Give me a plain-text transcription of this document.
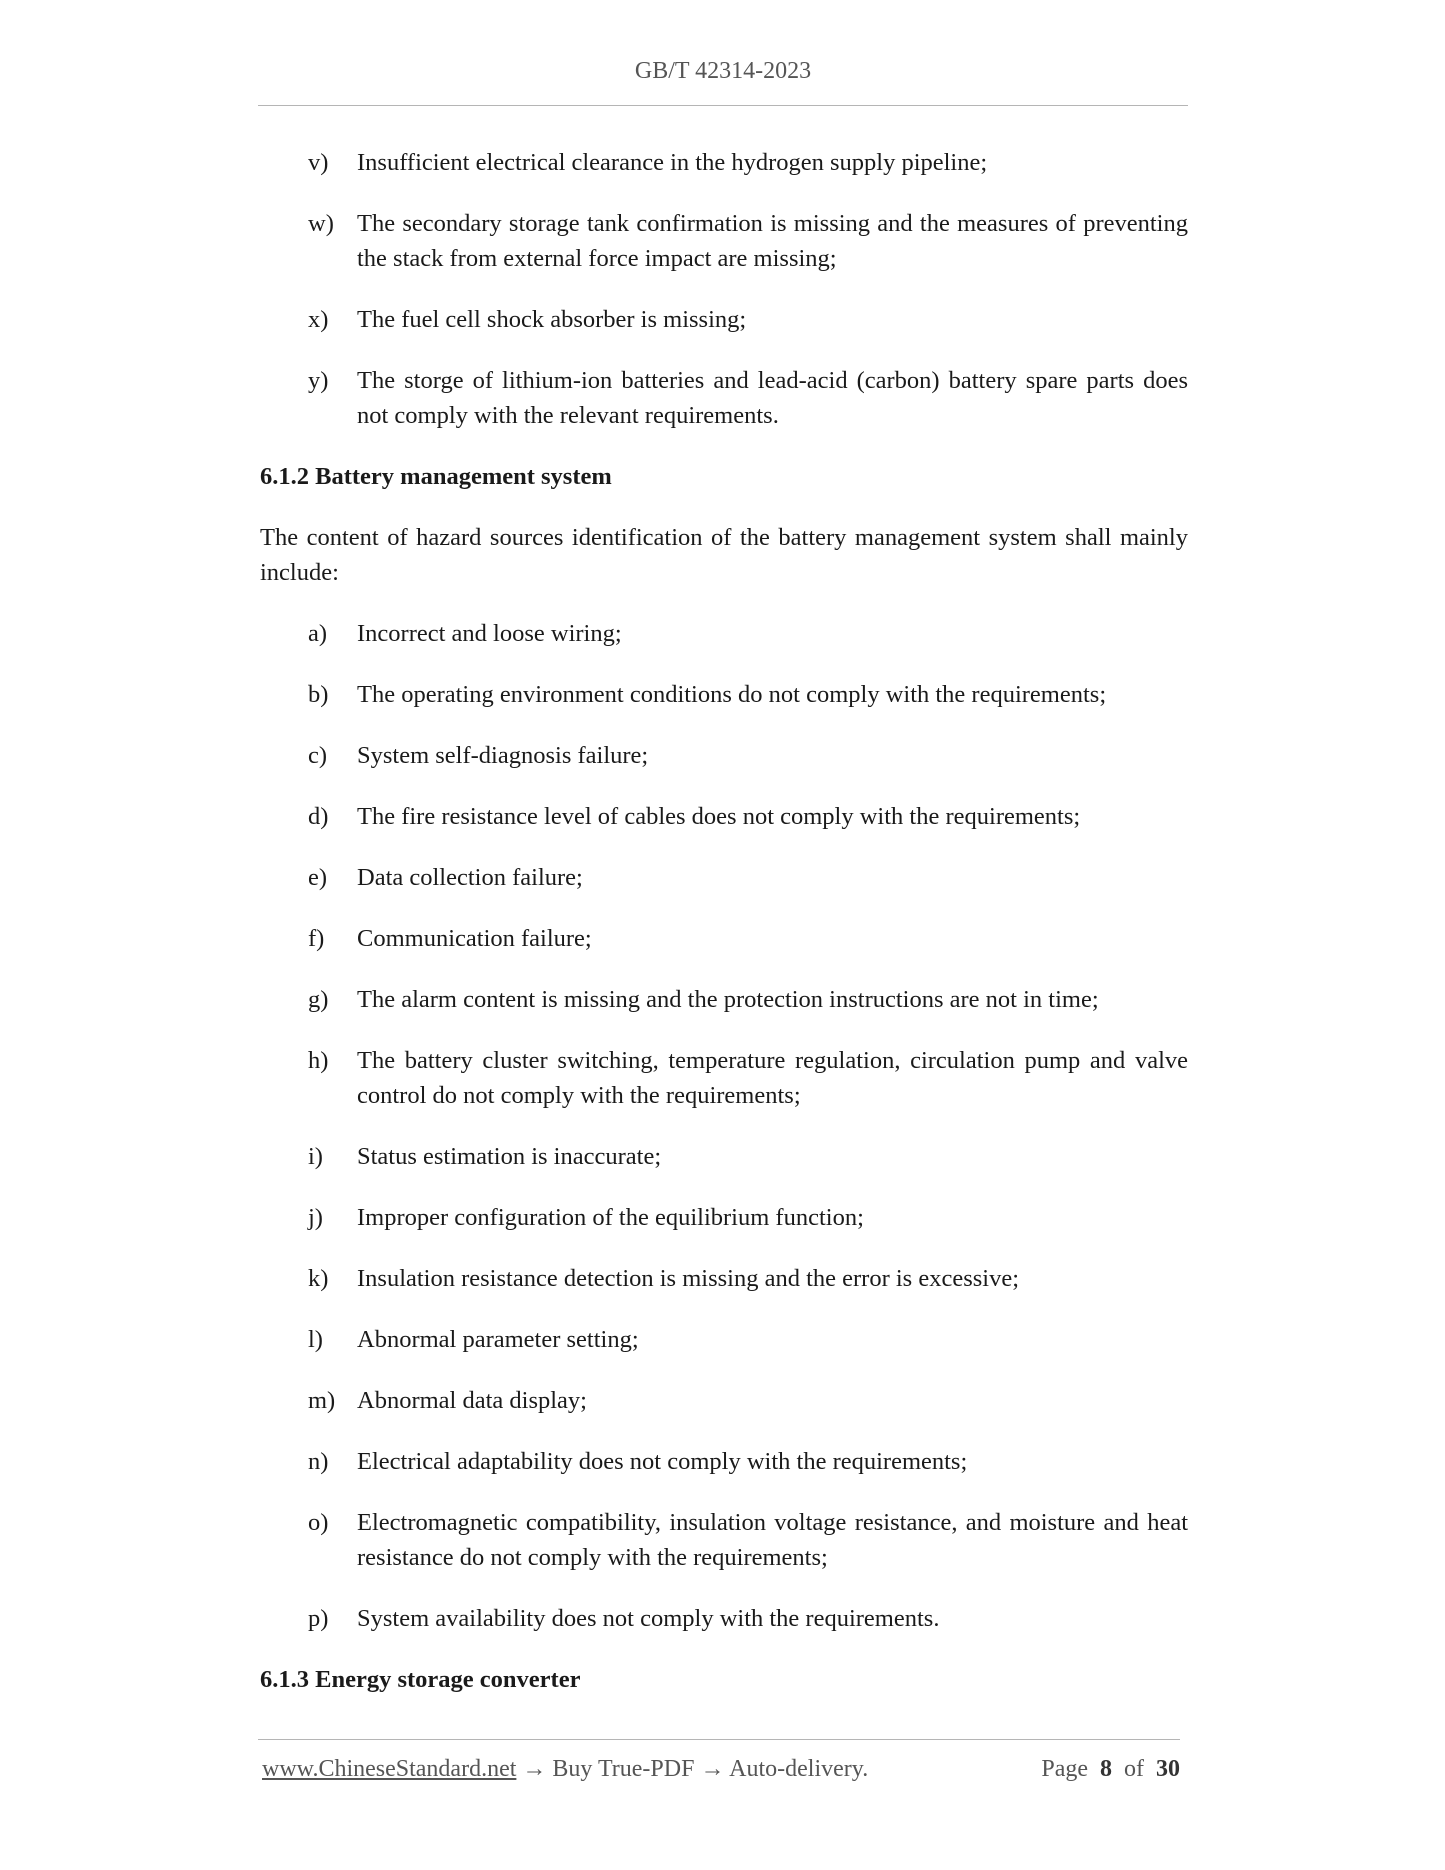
GB/T 42314-2023
v)	Insufficient electrical clearance in the hydrogen supply pipeline;
w) The secondary storage tank confirmation is missing and the measures of preventing the stack from external force impact are missing;
x)	The fuel cell shock absorber is missing;
y)	The storge of lithium-ion batteries and lead-acid (carbon) battery spare parts does not comply with the relevant requirements.
6.1.2 Battery management system
The content of hazard sources identification of the battery management system shall mainly include:
a)	Incorrect and loose wiring;
b)	The operating environment conditions do not comply with the requirements;
c)	System self-diagnosis failure;
d)	The fire resistance level of cables does not comply with the requirements;
e)	Data collection failure;
f)	Communication failure;
g)	The alarm content is missing and the protection instructions are not in time;
h)	The battery cluster switching, temperature regulation, circulation pump and valve control do not comply with the requirements;
i)	Status estimation is inaccurate;
j)	Improper configuration of the equilibrium function;
k)	Insulation resistance detection is missing and the error is excessive;
l)	Abnormal parameter setting;
m) Abnormal data display;
n)	Electrical adaptability does not comply with the requirements;
o)	Electromagnetic compatibility, insulation voltage resistance, and moisture and heat resistance do not comply with the requirements;
p)	System availability does not comply with the requirements.
6.1.3 Energy storage converter
www.ChineseStandard.net → Buy True-PDF → Auto-delivery.	Page 8 of 30
